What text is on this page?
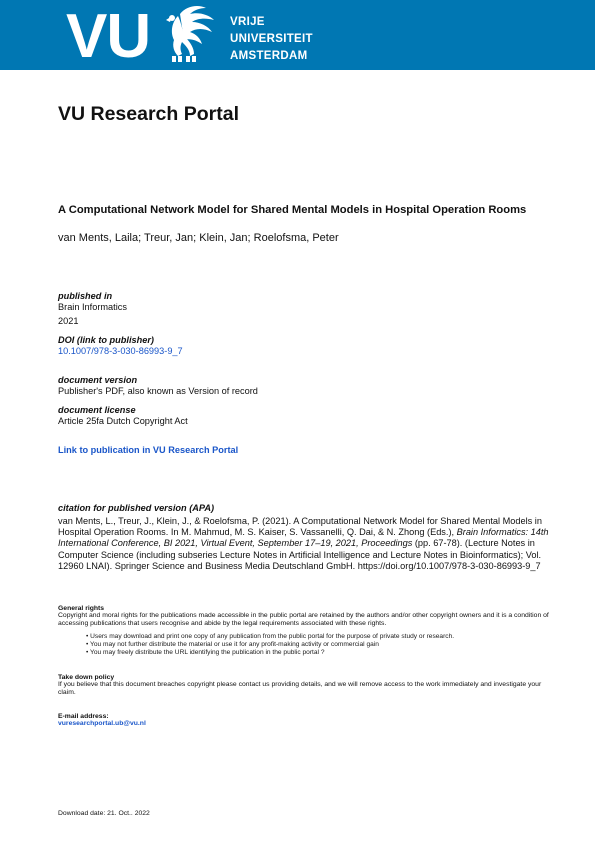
VU	VRIJE
UNIVERSITEIT
AMSTERDAM
VU Research Portal
A Computational Network Model for Shared Mental Models in Hospital Operation Rooms
van Ments, Laila; Treur, Jan; Klein, Jan; Roelofsma, Peter
published in
Brain Informatics
2021
DOI (link to publisher)
10.1007/978-3-030-86993-9_7
document version
Publisher's PDF, also known as Version of record
document license
Article 25fa Dutch Copyright Act
Link to publication in VU Research Portal
citation for published version (APA)
van Ments, L., Treur, J., Klein, J., & Roelofsma, P. (2021). A Computational Network Model for Shared Mental Models in Hospital Operation Rooms. In M. Mahmud, M. S. Kaiser, S. Vassanelli, Q. Dai, & N. Zhong (Eds.), Brain Informatics: 14th International Conference, BI 2021, Virtual Event, September 17–19, 2021, Proceedings (pp. 67-78). (Lecture Notes in Computer Science (including subseries Lecture Notes in Artificial Intelligence and Lecture Notes in Bioinformatics); Vol. 12960 LNAI). Springer Science and Business Media Deutschland GmbH. https://doi.org/10.1007/978-3-030-86993-9_7
General rights
Copyright and moral rights for the publications made accessible in the public portal are retained by the authors and/or other copyright owners and it is a condition of accessing publications that users recognise and abide by the legal requirements associated with these rights.
• Users may download and print one copy of any publication from the public portal for the purpose of private study or research.
• You may not further distribute the material or use it for any profit-making activity or commercial gain
• You may freely distribute the URL identifying the publication in the public portal ?
Take down policy
If you believe that this document breaches copyright please contact us providing details, and we will remove access to the work immediately and investigate your claim.
E-mail address:
vuresearchportal.ub@vu.nl
Download date: 21. Oct.. 2022
